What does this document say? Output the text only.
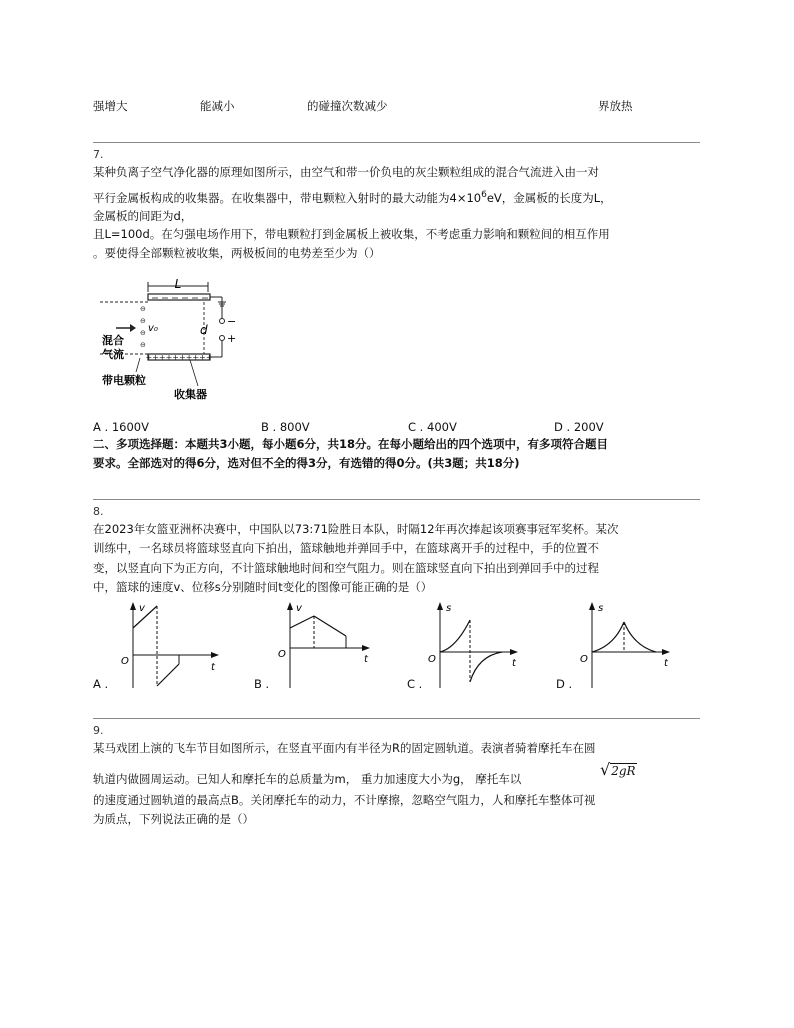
强增大	能减小	的碰撞次数减少	界放热
7.
某种负离子空气净化器的原理如图所示，由空气和带一价负电的灰尘颗粒组成的混合气流进入由一对
平行金属板构成的收集器。在收集器中，带电颗粒入射时的最大动能为$4\times 10^6eV$，金属板的长度为L，
金属板的间距为d，
且L=100d。在匀强电场作用下，带电颗粒打到金属板上被收集，不考虑重力影响和颗粒间的相互作用
。要使得全部颗粒被收集，两极板间的电势差至少为（）
L
++++++++++
⊖
⊖
⊖
⊖
v₀
混合
气流
d
−
+
带电颗粒
收集器
A . 1600V	B . 800V	C . 400V	D . 200V
二、多项选择题：本题共3小题，每小题6分，共18分。在每小题给出的四个选项中，有多项符合题目
要求。全部选对的得6分，选对但不全的得3分，有选错的得0分。(共3题；共18分)
8.
在2023年女篮亚洲杯决赛中，中国队以73:71险胜日本队，时隔12年再次捧起该项赛事冠军奖杯。某次
训练中，一名球员将篮球竖直向下拍出，篮球触地并弹回手中，在篮球离开手的过程中，手的位置不
变，以竖直向下为正方向，不计篮球触地时间和空气阻力。则在篮球竖直向下拍出到弹回手中的过程
中，篮球的速度v、位移s分别随时间t变化的图像可能正确的是（）
v
t
O
A .
v
t
O
B .
s
t
O
C .
s
t
O
D .
9.
某马戏团上演的飞车节目如图所示，在竖直平面内有半径为R的固定圆轨道。表演者骑着摩托车在圆
轨道内做圆周运动。已知人和摩托车的总质量为m， 重力加速度大小为g， 摩托车以	√2gR
的速度通过圆轨道的最高点B。关闭摩托车的动力，不计摩擦，忽略空气阻力，人和摩托车整体可视
为质点，下列说法正确的是（）
